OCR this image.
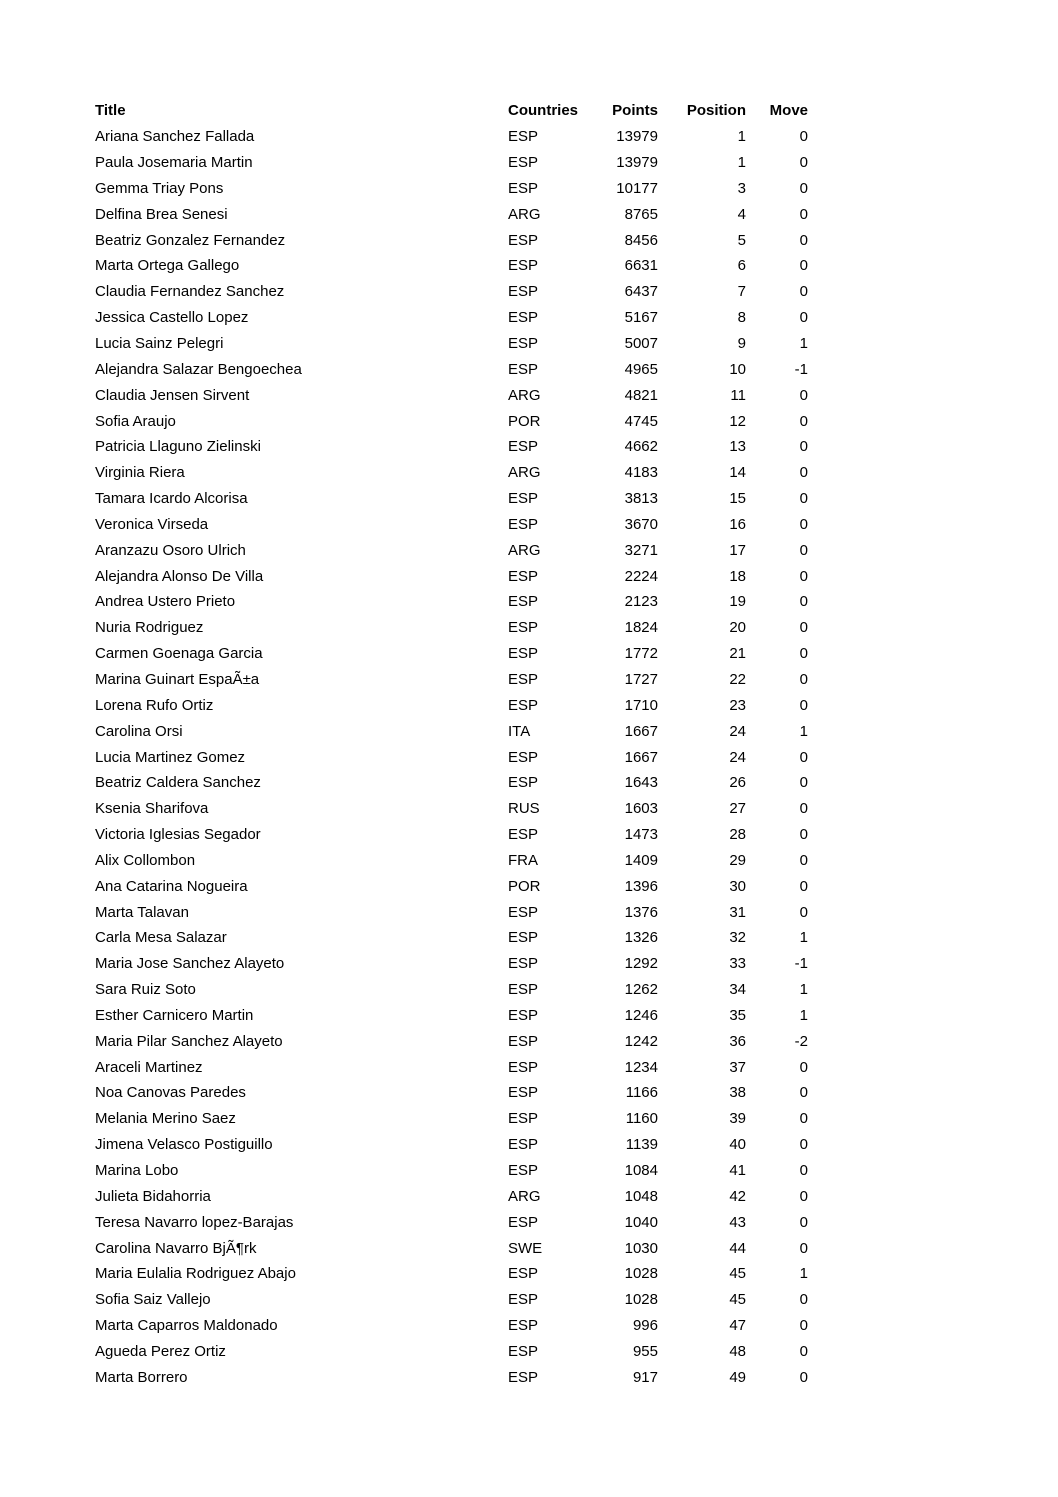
Title	Countries	Points	Position	Move
Ariana Sanchez Fallada	ESP	13979	1	0
Paula Josemaria Martin	ESP	13979	1	0
Gemma Triay Pons	ESP	10177	3	0
Delfina Brea Senesi	ARG	8765	4	0
Beatriz Gonzalez Fernandez	ESP	8456	5	0
Marta Ortega Gallego	ESP	6631	6	0
Claudia Fernandez Sanchez	ESP	6437	7	0
Jessica Castello Lopez	ESP	5167	8	0
Lucia Sainz Pelegri	ESP	5007	9	1
Alejandra Salazar Bengoechea	ESP	4965	10	-1
Claudia Jensen Sirvent	ARG	4821	11	0
Sofia Araujo	POR	4745	12	0
Patricia Llaguno Zielinski	ESP	4662	13	0
Virginia Riera	ARG	4183	14	0
Tamara Icardo Alcorisa	ESP	3813	15	0
Veronica Virseda	ESP	3670	16	0
Aranzazu Osoro Ulrich	ARG	3271	17	0
Alejandra Alonso De Villa	ESP	2224	18	0
Andrea Ustero Prieto	ESP	2123	19	0
Nuria Rodriguez	ESP	1824	20	0
Carmen Goenaga Garcia	ESP	1772	21	0
Marina Guinart EspaÃ±a	ESP	1727	22	0
Lorena Rufo Ortiz	ESP	1710	23	0
Carolina Orsi	ITA	1667	24	1
Lucia Martinez Gomez	ESP	1667	24	0
Beatriz Caldera Sanchez	ESP	1643	26	0
Ksenia Sharifova	RUS	1603	27	0
Victoria Iglesias Segador	ESP	1473	28	0
Alix Collombon	FRA	1409	29	0
Ana Catarina Nogueira	POR	1396	30	0
Marta Talavan	ESP	1376	31	0
Carla Mesa Salazar	ESP	1326	32	1
Maria Jose Sanchez Alayeto	ESP	1292	33	-1
Sara Ruiz Soto	ESP	1262	34	1
Esther Carnicero Martin	ESP	1246	35	1
Maria Pilar Sanchez Alayeto	ESP	1242	36	-2
Araceli Martinez	ESP	1234	37	0
Noa Canovas Paredes	ESP	1166	38	0
Melania Merino Saez	ESP	1160	39	0
Jimena Velasco Postiguillo	ESP	1139	40	0
Marina Lobo	ESP	1084	41	0
Julieta Bidahorria	ARG	1048	42	0
Teresa Navarro lopez-Barajas	ESP	1040	43	0
Carolina Navarro BjÃ¶rk	SWE	1030	44	0
Maria Eulalia Rodriguez Abajo	ESP	1028	45	1
Sofia Saiz Vallejo	ESP	1028	45	0
Marta Caparros Maldonado	ESP	996	47	0
Agueda Perez Ortiz	ESP	955	48	0
Marta Borrero	ESP	917	49	0
